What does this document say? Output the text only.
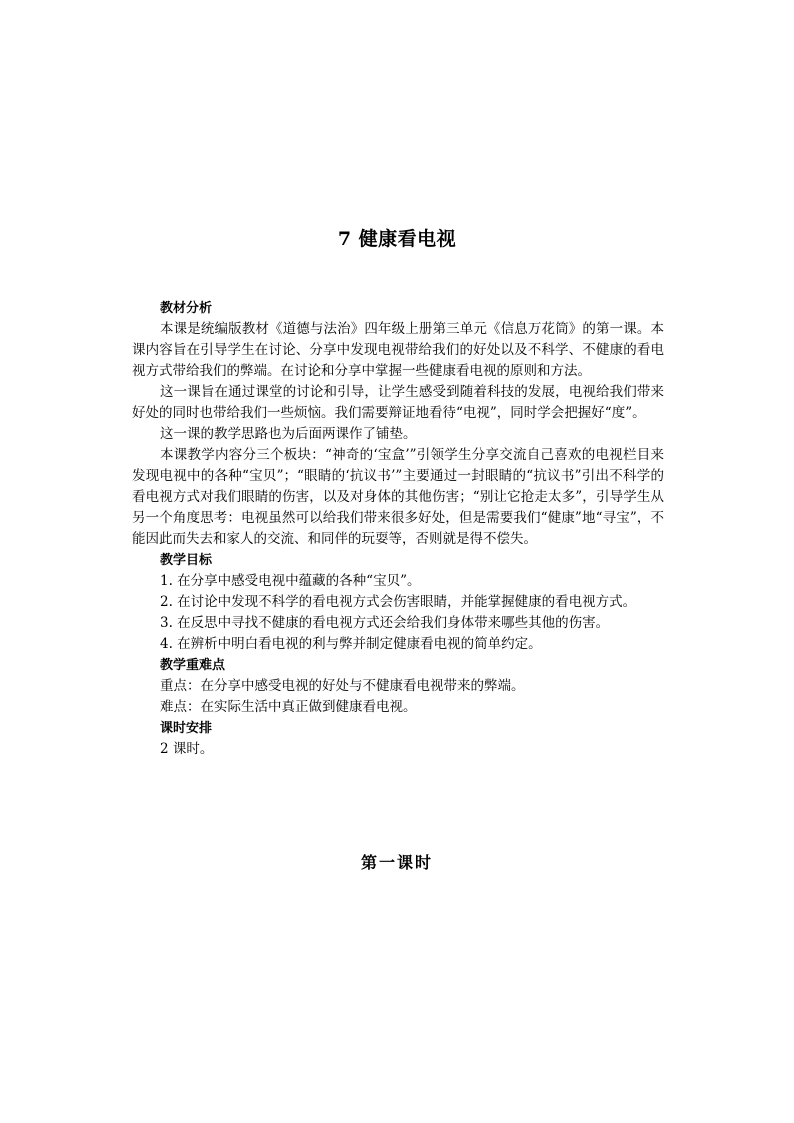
7 健康看电视
教材分析

本课是统编版教材《道德与法治》四年级上册第三单元《信息万花筒》的第一课。本课内容旨在引导学生在讨论、分享中发现电视带给我们的好处以及不科学、不健康的看电视方式带给我们的弊端。在讨论和分享中掌握一些健康看电视的原则和方法。

这一课旨在通过课堂的讨论和引导，让学生感受到随着科技的发展，电视给我们带来好处的同时也带给我们一些烦恼。我们需要辩证地看待“电视”，同时学会把握好“度”。

这一课的教学思路也为后面两课作了铺垫。

本课教学内容分三个板块：“神奇的‘宝盒’”引领学生分享交流自己喜欢的电视栏目来发现电视中的各种“宝贝”；“眼睛的‘抗议书’”主要通过一封眼睛的“抗议书”引出不科学的看电视方式对我们眼睛的伤害，以及对身体的其他伤害；“别让它抢走太多”，引导学生从另一个角度思考：电视虽然可以给我们带来很多好处，但是需要我们“健康”地“寻宝”，不能因此而失去和家人的交流、和同伴的玩耍等，否则就是得不偿失。

教学目标

1. 在分享中感受电视中蕴藏的各种“宝贝”。

2. 在讨论中发现不科学的看电视方式会伤害眼睛，并能掌握健康的看电视方式。

3. 在反思中寻找不健康的看电视方式还会给我们身体带来哪些其他的伤害。

4. 在辨析中明白看电视的利与弊并制定健康看电视的简单约定。

教学重难点

重点：在分享中感受电视的好处与不健康看电视带来的弊端。

难点：在实际生活中真正做到健康看电视。

课时安排

2 课时。

第一课时
